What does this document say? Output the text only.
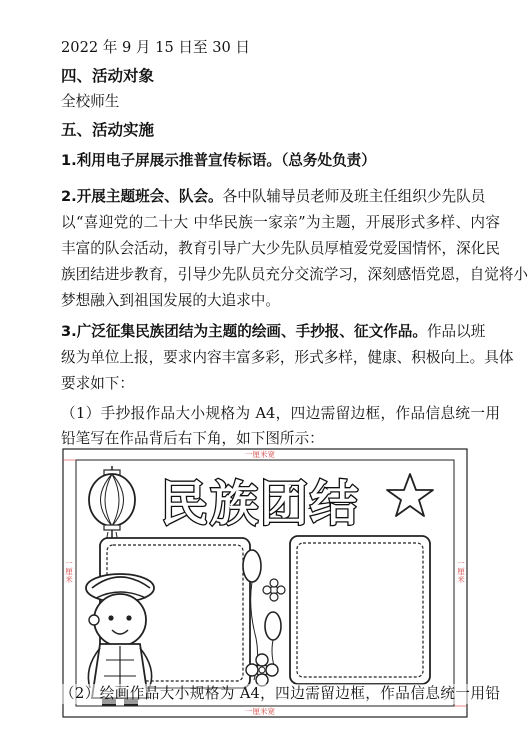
2022 年 9 月 15 日至 30 日
四、活动对象
全校师生
五、活动实施
1.利用电子屏展示推普宣传标语。（总务处负责）
2.开展主题班会、队会。各中队辅导员老师及班主任组织少先队员
以“喜迎党的二十大 中华民族一家亲”为主题，开展形式多样、内容
丰富的队会活动，教育引导广大少先队员厚植爱党爱国情怀，深化民
族团结进步教育，引导少先队员充分交流学习，深刻感悟党恩，自觉将小
梦想融入到祖国发展的大追求中。
3.广泛征集民族团结为主题的绘画、手抄报、征文作品。作品以班
级为单位上报，要求内容丰富多彩，形式多样，健康、积极向上。具体
要求如下：
（1）手抄报作品大小规格为 A4，四边需留边框，作品信息统一用
铅笔写在作品背后右下角，如下图所示：
民族团结
一厘米宽
一厘米宽
一厘米
一厘米
（2）绘画作品大小规格为 A4，四边需留边框，作品信息统一用铅
